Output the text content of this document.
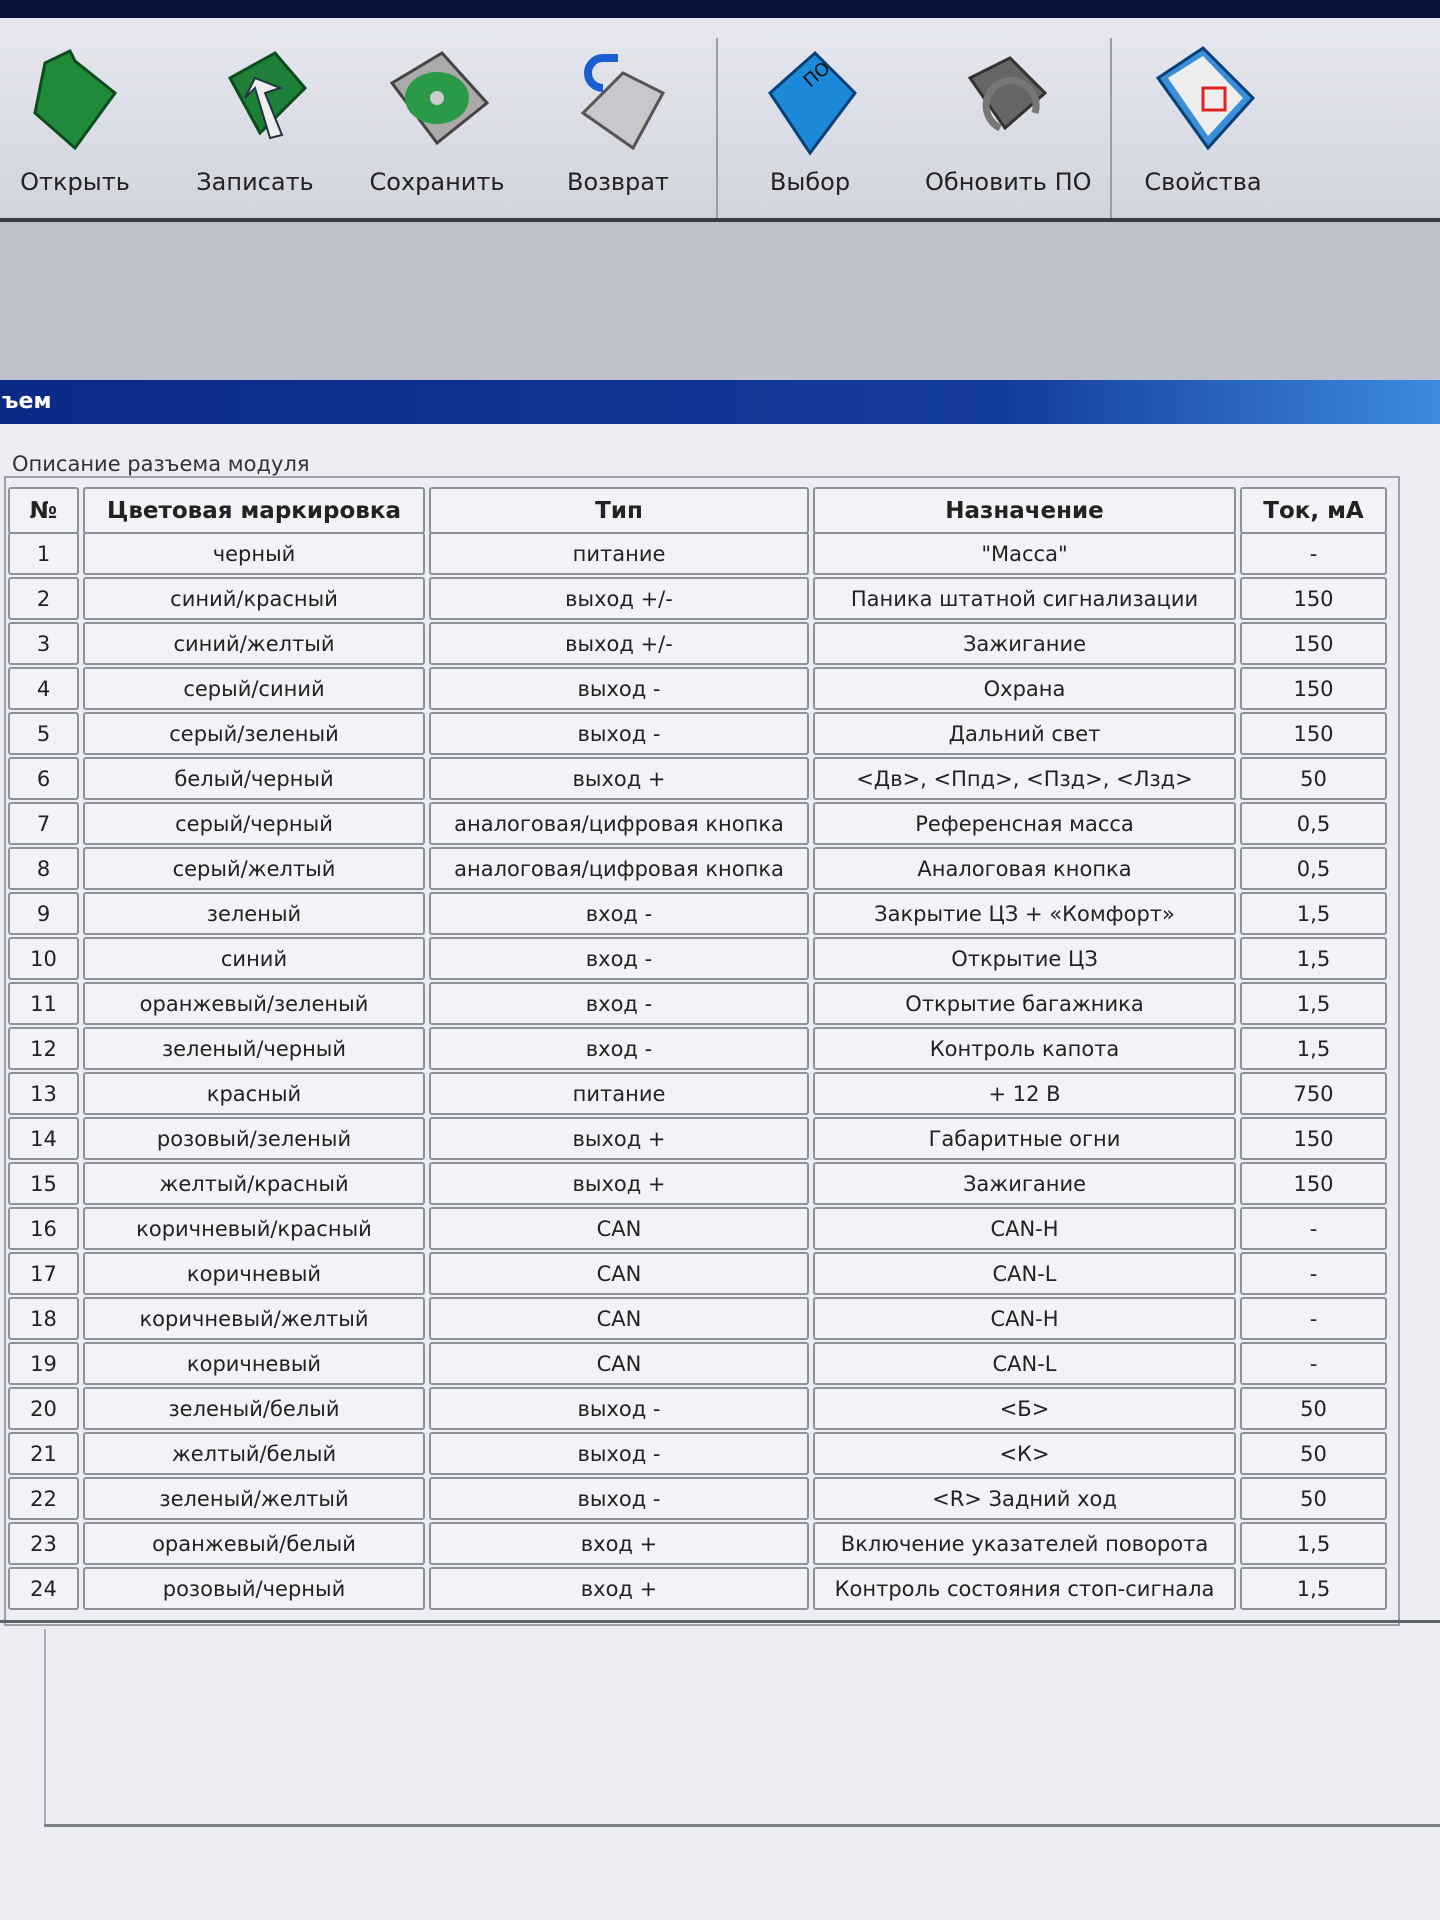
Открыть	Записать	Сохранить	Возврат
ПО
Выбор	Обновить ПО	Свойства
ъем
Описание разъема модуля
№	Цветовая маркировка	Тип	Назначение	Ток, мА
1	черный	питание	"Масса"	-
2	синий/красный	выход +/-	Паника штатной сигнализации	150
3	синий/желтый	выход +/-	Зажигание	150
4	серый/синий	выход -	Охрана	150
5	серый/зеленый	выход -	Дальний свет	150
6	белый/черный	выход +	<Дв>, <Ппд>, <Пзд>, <Лзд>	50
7	серый/черный	аналоговая/цифровая кнопка	Референсная масса	0,5
8	серый/желтый	аналоговая/цифровая кнопка	Аналоговая кнопка	0,5
9	зеленый	вход -	Закрытие ЦЗ + «Комфорт»	1,5
10	синий	вход -	Открытие ЦЗ	1,5
11	оранжевый/зеленый	вход -	Открытие багажника	1,5
12	зеленый/черный	вход -	Контроль капота	1,5
13	красный	питание	+ 12 В	750
14	розовый/зеленый	выход +	Габаритные огни	150
15	желтый/красный	выход +	Зажигание	150
16	коричневый/красный	CAN	CAN-H	-
17	коричневый	CAN	CAN-L	-
18	коричневый/желтый	CAN	CAN-H	-
19	коричневый	CAN	CAN-L	-
20	зеленый/белый	выход -	<Б>	50
21	желтый/белый	выход -	<К>	50
22	зеленый/желтый	выход -	<R> Задний ход	50
23	оранжевый/белый	вход +	Включение указателей поворота	1,5
24	розовый/черный	вход +	Контроль состояния стоп-сигнала	1,5
